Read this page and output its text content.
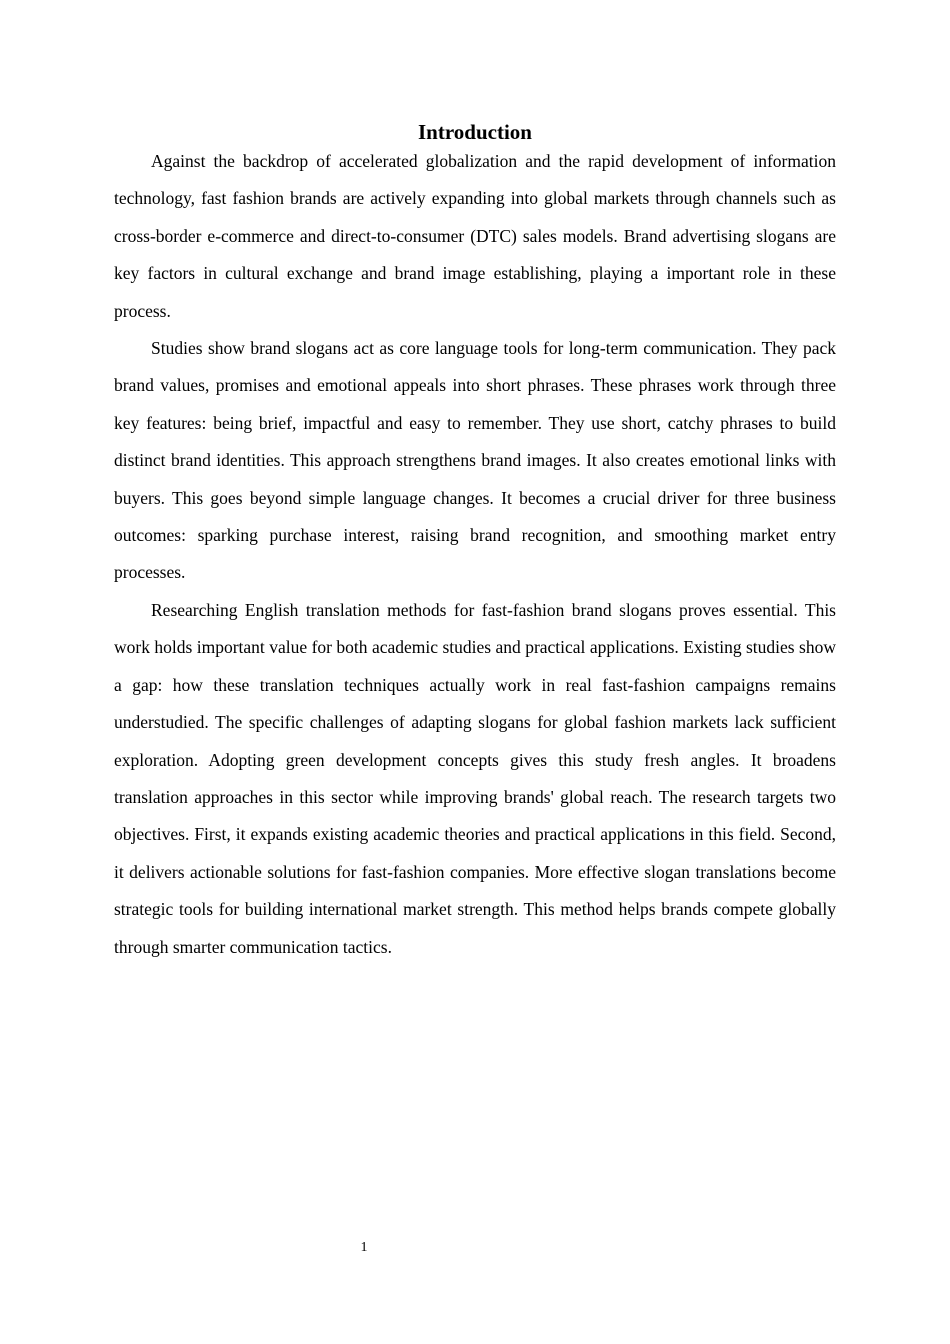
Introduction

Against the backdrop of accelerated globalization and the rapid development of information technology, fast fashion brands are actively expanding into global markets through channels such as cross-border e-commerce and direct-to-consumer (DTC) sales models. Brand advertising slogans are key factors in cultural exchange and brand image establishing, playing a important role in these process.

Studies show brand slogans act as core language tools for long-term communication. They pack brand values, promises and emotional appeals into short phrases. These phrases work through three key features: being brief, impactful and easy to remember. They use short, catchy phrases to build distinct brand identities. This approach strengthens brand images. It also creates emotional links with buyers. This goes beyond simple language changes. It becomes a crucial driver for three business outcomes: sparking purchase interest, raising brand recognition, and smoothing market entry processes.

Researching English translation methods for fast-fashion brand slogans proves essential. This work holds important value for both academic studies and practical applications. Existing studies show a gap: how these translation techniques actually work in real fast-fashion campaigns remains understudied. The specific challenges of adapting slogans for global fashion markets lack sufficient exploration. Adopting green development concepts gives this study fresh angles. It broadens translation approaches in this sector while improving brands' global reach. The research targets two objectives. First, it expands existing academic theories and practical applications in this field. Second, it delivers actionable solutions for fast-fashion companies. More effective slogan translations become strategic tools for building international market strength. This method helps brands compete globally through smarter communication tactics.

1
